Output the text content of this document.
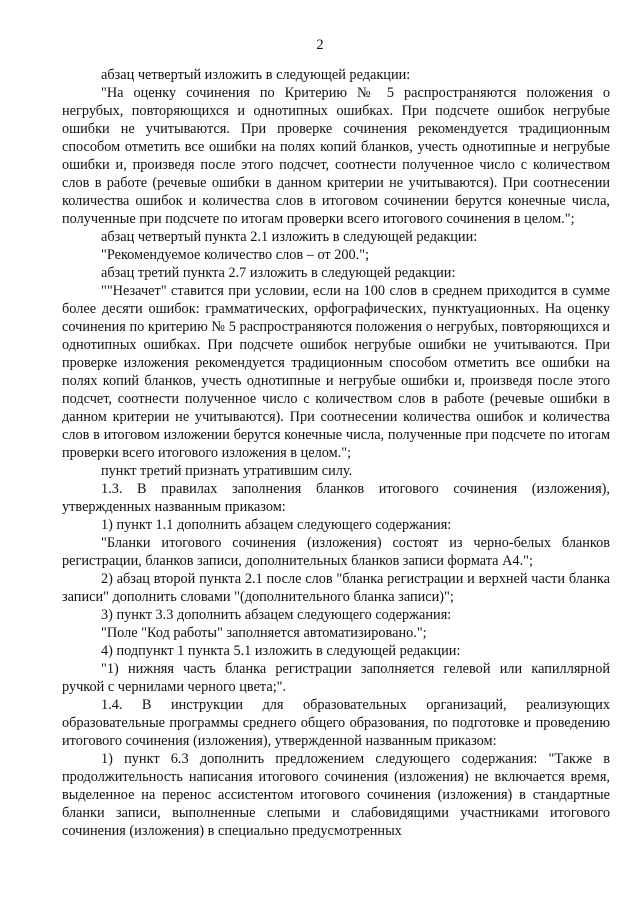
2

абзац четвертый изложить в следующей редакции:

"На оценку сочинения по Критерию № 5 распространяются положения о негрубых, повторяющихся и однотипных ошибках. При подсчете ошибок негрубые ошибки не учитываются. При проверке сочинения рекомендуется традиционным способом отметить все ошибки на полях копий бланков, учесть однотипные и негрубые ошибки и, произведя после этого подсчет, соотнести полученное число с количеством слов в работе (речевые ошибки в данном критерии не учитываются). При соотнесении количества ошибок и количества слов в итоговом сочинении берутся конечные числа, полученные при подсчете по итогам проверки всего итогового сочинения в целом.";

абзац четвертый пункта 2.1 изложить в следующей редакции:

"Рекомендуемое количество слов – от 200.";

абзац третий пункта 2.7 изложить в следующей редакции:

""Незачет" ставится при условии, если на 100 слов в среднем приходится в сумме более десяти ошибок: грамматических, орфографических, пунктуационных. На оценку сочинения по критерию № 5 распространяются положения о негрубых, повторяющихся и однотипных ошибках. При подсчете ошибок негрубые ошибки не учитываются. При проверке изложения рекомендуется традиционным способом отметить все ошибки на полях копий бланков, учесть однотипные и негрубые ошибки и, произведя после этого подсчет, соотнести полученное число с количеством слов в работе (речевые ошибки в данном критерии не учитываются). При соотнесении количества ошибок и количества слов в итоговом изложении берутся конечные числа, полученные при подсчете по итогам проверки всего итогового изложения в целом.";

пункт третий признать утратившим силу.

1.3. В правилах заполнения бланков итогового сочинения (изложения), утвержденных названным приказом:

1) пункт 1.1 дополнить абзацем следующего содержания:

"Бланки итогового сочинения (изложения) состоят из черно-белых бланков регистрации, бланков записи, дополнительных бланков записи формата А4.";

2) абзац второй пункта 2.1 после слов "бланка регистрации и верхней части бланка записи" дополнить словами "(дополнительного бланка записи)";

3) пункт 3.3 дополнить абзацем следующего содержания:

"Поле "Код работы" заполняется автоматизировано.";

4) подпункт 1 пункта 5.1 изложить в следующей редакции:

"1) нижняя часть бланка регистрации заполняется гелевой или капиллярной ручкой с чернилами черного цвета;".

1.4. В инструкции для образовательных организаций, реализующих образовательные программы среднего общего образования, по подготовке и проведению итогового сочинения (изложения), утвержденной названным приказом:

1) пункт 6.3 дополнить предложением следующего содержания: "Также в продолжительность написания итогового сочинения (изложения) не включается время, выделенное на перенос ассистентом итогового сочинения (изложения) в стандартные бланки записи, выполненные слепыми и слабовидящими участниками итогового сочинения (изложения) в специально предусмотренных
